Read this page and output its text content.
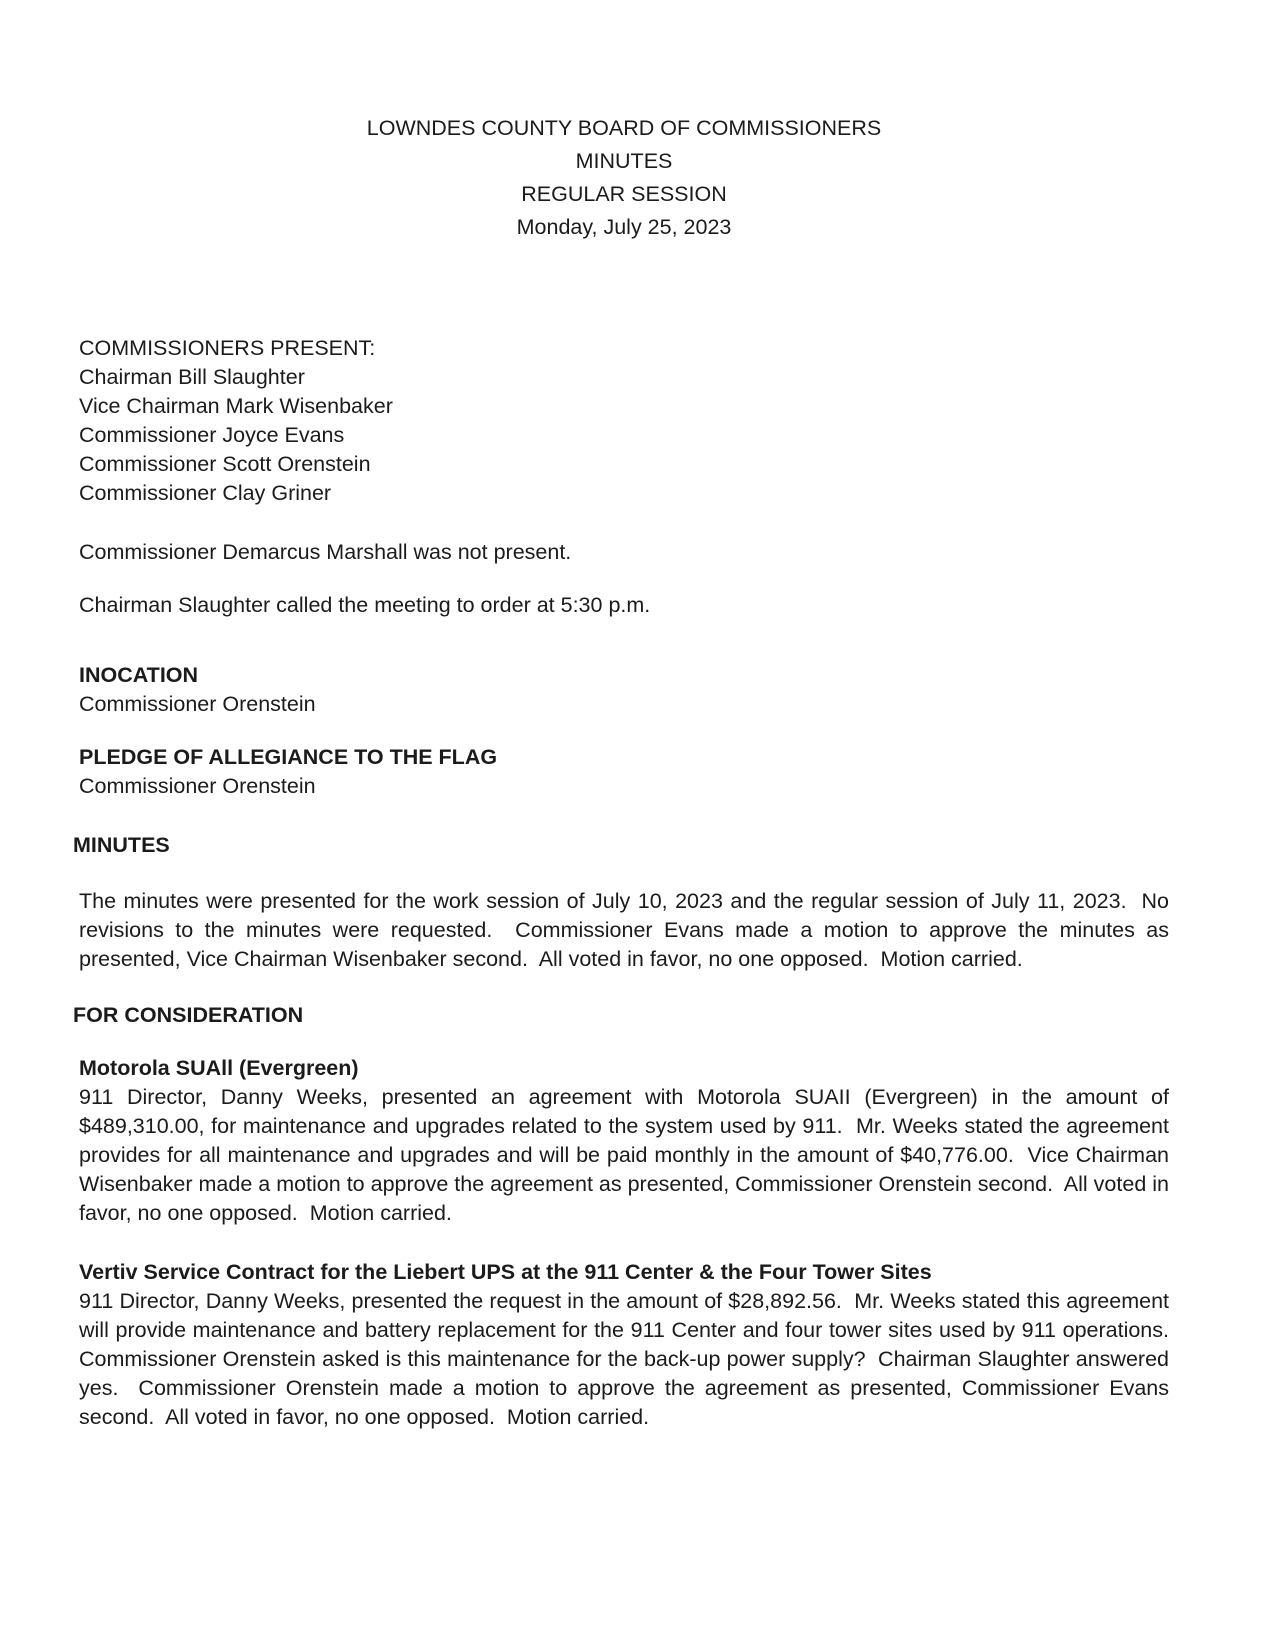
LOWNDES COUNTY BOARD OF COMMISSIONERS
MINUTES
REGULAR SESSION
Monday, July 25, 2023
COMMISSIONERS PRESENT:
Chairman Bill Slaughter
Vice Chairman Mark Wisenbaker
Commissioner Joyce Evans
Commissioner Scott Orenstein
Commissioner Clay Griner
Commissioner Demarcus Marshall was not present.
Chairman Slaughter called the meeting to order at 5:30 p.m.
INOCATION
Commissioner Orenstein
PLEDGE OF ALLEGIANCE TO THE FLAG
Commissioner Orenstein
MINUTES
The minutes were presented for the work session of July 10, 2023 and the regular session of July 11, 2023.  No revisions to the minutes were requested.  Commissioner Evans made a motion to approve the minutes as presented, Vice Chairman Wisenbaker second.  All voted in favor, no one opposed.  Motion carried.
FOR CONSIDERATION
Motorola SUAll (Evergreen)
911 Director, Danny Weeks, presented an agreement with Motorola SUAII (Evergreen) in the amount of $489,310.00, for maintenance and upgrades related to the system used by 911.  Mr. Weeks stated the agreement provides for all maintenance and upgrades and will be paid monthly in the amount of $40,776.00.  Vice Chairman Wisenbaker made a motion to approve the agreement as presented, Commissioner Orenstein second.  All voted in favor, no one opposed.  Motion carried.
Vertiv Service Contract for the Liebert UPS at the 911 Center & the Four Tower Sites
911 Director, Danny Weeks, presented the request in the amount of $28,892.56.  Mr. Weeks stated this agreement will provide maintenance and battery replacement for the 911 Center and four tower sites used by 911 operations. Commissioner Orenstein asked is this maintenance for the back-up power supply?  Chairman Slaughter answered yes.  Commissioner Orenstein made a motion to approve the agreement as presented, Commissioner Evans second.  All voted in favor, no one opposed.  Motion carried.
